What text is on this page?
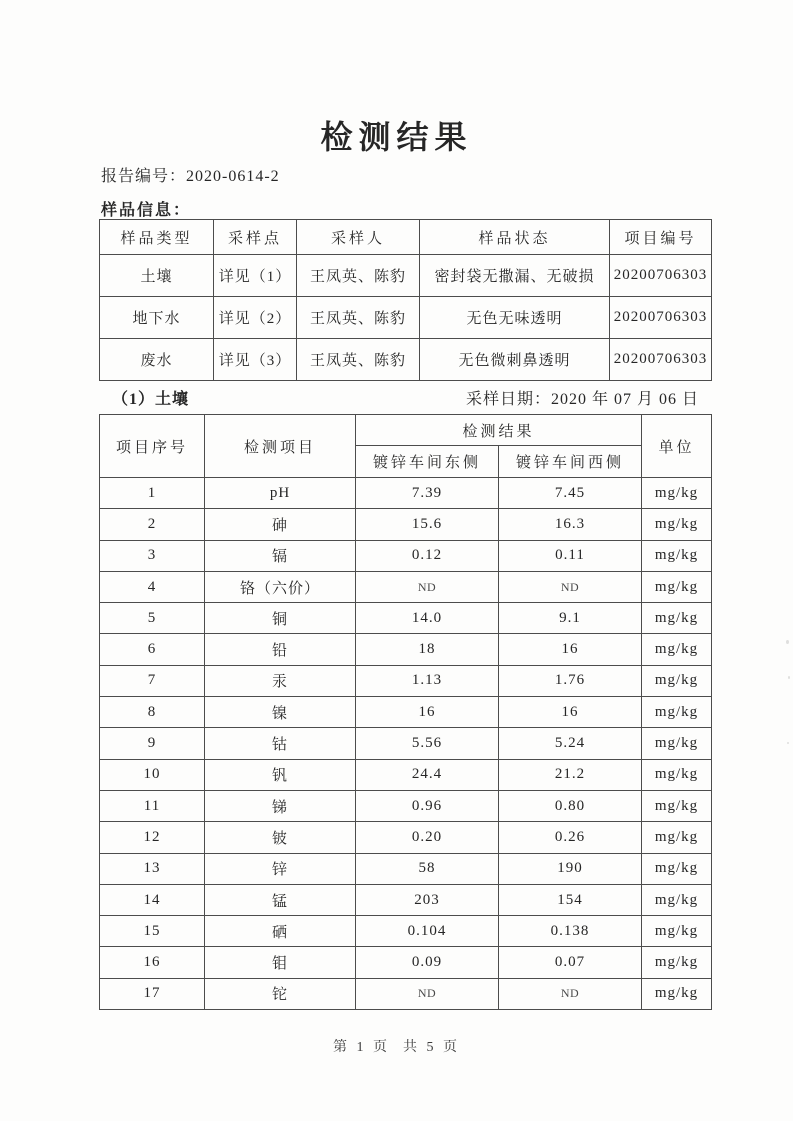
检测结果
报告编号：2020-0614-2
样品信息：
样品类型	采样点	采样人	样品状态	项目编号
土壤	详见（1）	王凤英、陈豹	密封袋无撒漏、无破损	20200706303
地下水	详见（2）	王凤英、陈豹	无色无味透明	20200706303
废水	详见（3）	王凤英、陈豹	无色微刺鼻透明	20200706303
（1）土壤	采样日期：2020 年 07 月 06 日
项目序号	检测项目	检测结果		单位
		镀锌车间东侧	镀锌车间西侧	
1	pH	7.39	7.45	mg/kg
2	砷	15.6	16.3	mg/kg
3	镉	0.12	0.11	mg/kg
4	铬（六价）	ND	ND	mg/kg
5	铜	14.0	9.1	mg/kg
6	铅	18	16	mg/kg
7	汞	1.13	1.76	mg/kg
8	镍	16	16	mg/kg
9	钴	5.56	5.24	mg/kg
10	钒	24.4	21.2	mg/kg
11	锑	0.96	0.80	mg/kg
12	铍	0.20	0.26	mg/kg
13	锌	58	190	mg/kg
14	锰	203	154	mg/kg
15	硒	0.104	0.138	mg/kg
16	钼	0.09	0.07	mg/kg
17	铊	ND	ND	mg/kg
第 1 页  共 5 页
